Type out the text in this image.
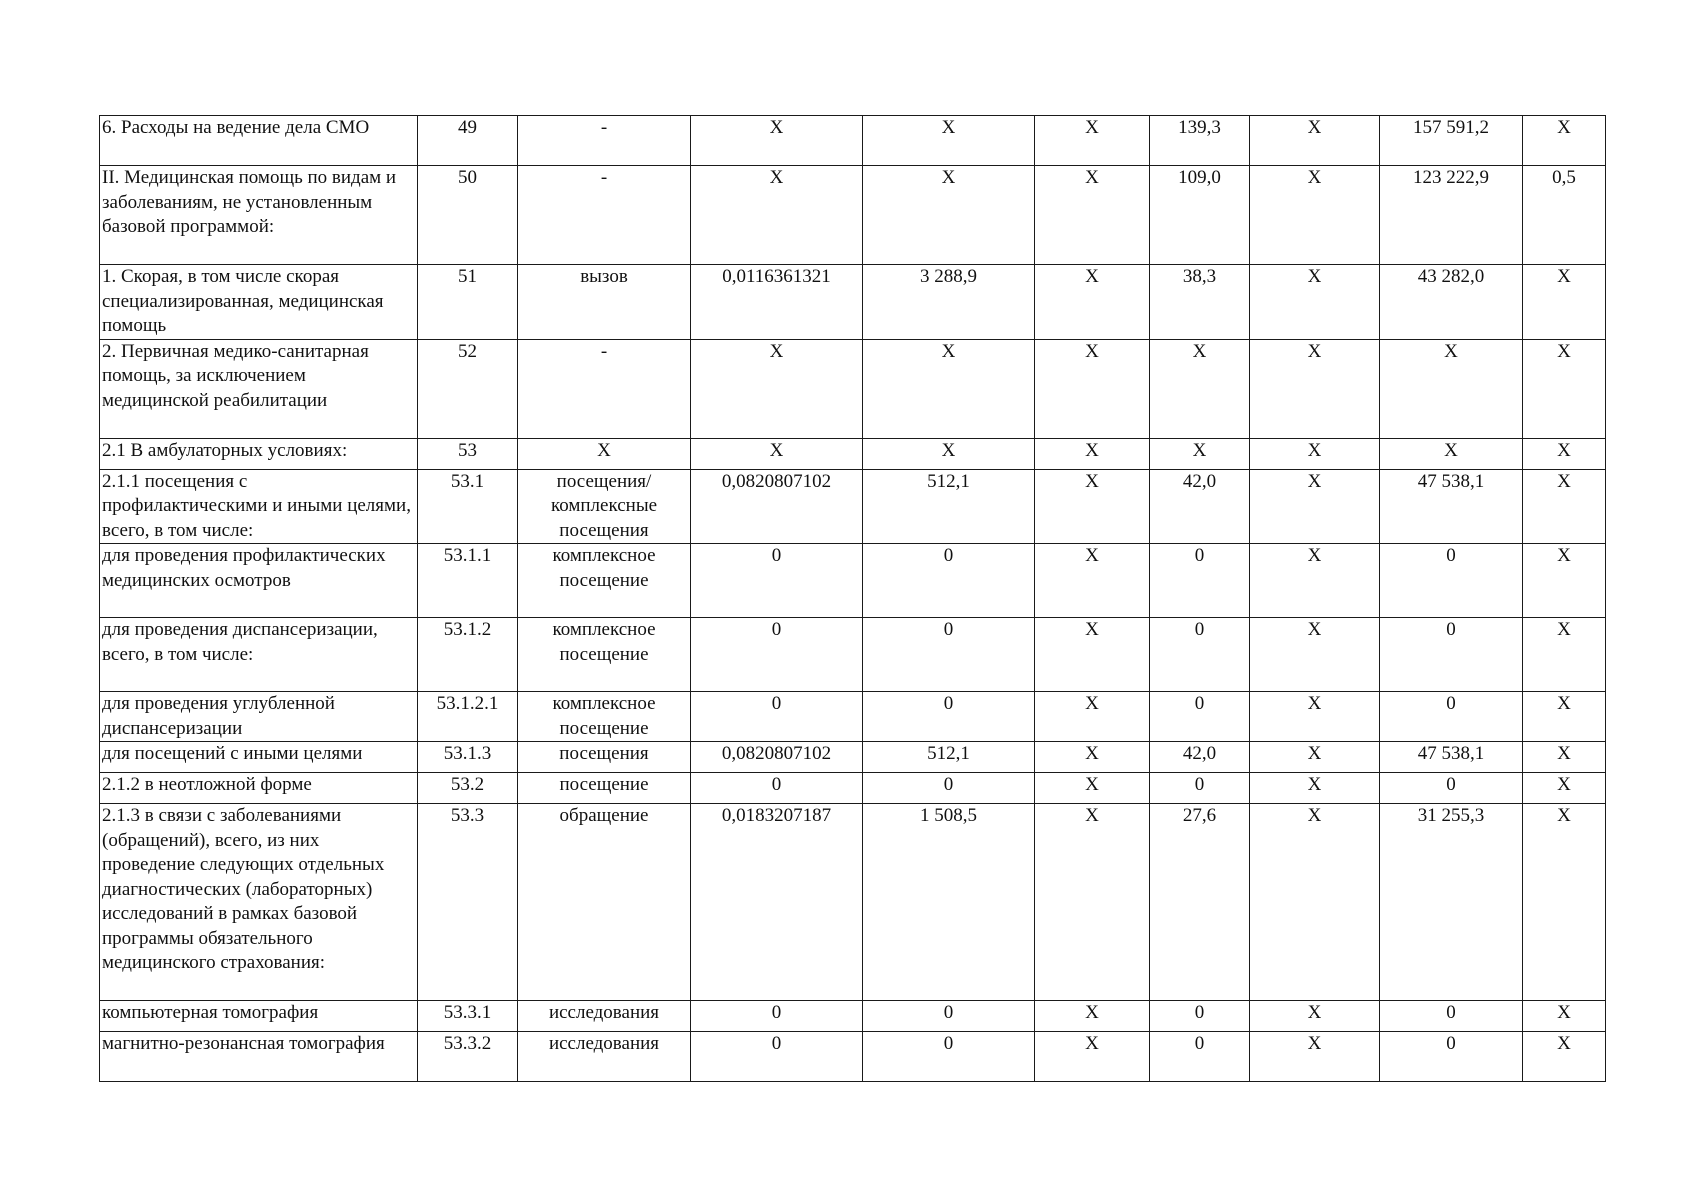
6. Расходы на ведение дела СМО	49	-	X	X	X	139,3	X	157 591,2	X
II. Медицинская помощь по видам и заболеваниям, не установленным базовой программой:	50	-	X	X	X	109,0	X	123 222,9	0,5
1. Скорая, в том числе скорая специализированная, медицинская помощь	51	вызов	0,0116361321	3 288,9	X	38,3	X	43 282,0	X
2. Первичная медико-санитарная помощь, за исключением медицинской реабилитации	52	-	X	X	X	X	X	X	X
2.1 В амбулаторных условиях:	53	X	X	X	X	X	X	X	X
2.1.1 посещения с профилактическими и иными целями, всего, в том числе:	53.1	посещения/ комплексные посещения	0,0820807102	512,1	X	42,0	X	47 538,1	X
для проведения профилактических медицинских осмотров	53.1.1	комплексное посещение	0	0	X	0	X	0	X
для проведения диспансеризации, всего, в том числе:	53.1.2	комплексное посещение	0	0	X	0	X	0	X
для проведения углубленной диспансеризации	53.1.2.1	комплексное посещение	0	0	X	0	X	0	X
для посещений с иными целями	53.1.3	посещения	0,0820807102	512,1	X	42,0	X	47 538,1	X
2.1.2 в неотложной форме	53.2	посещение	0	0	X	0	X	0	X
2.1.3 в связи с заболеваниями (обращений), всего, из них проведение следующих отдельных диагностических (лабораторных) исследований в рамках базовой программы обязательного медицинского страхования:	53.3	обращение	0,0183207187	1 508,5	X	27,6	X	31 255,3	X
компьютерная томография	53.3.1	исследования	0	0	X	0	X	0	X
магнитно-резонансная томография	53.3.2	исследования	0	0	X	0	X	0	X
